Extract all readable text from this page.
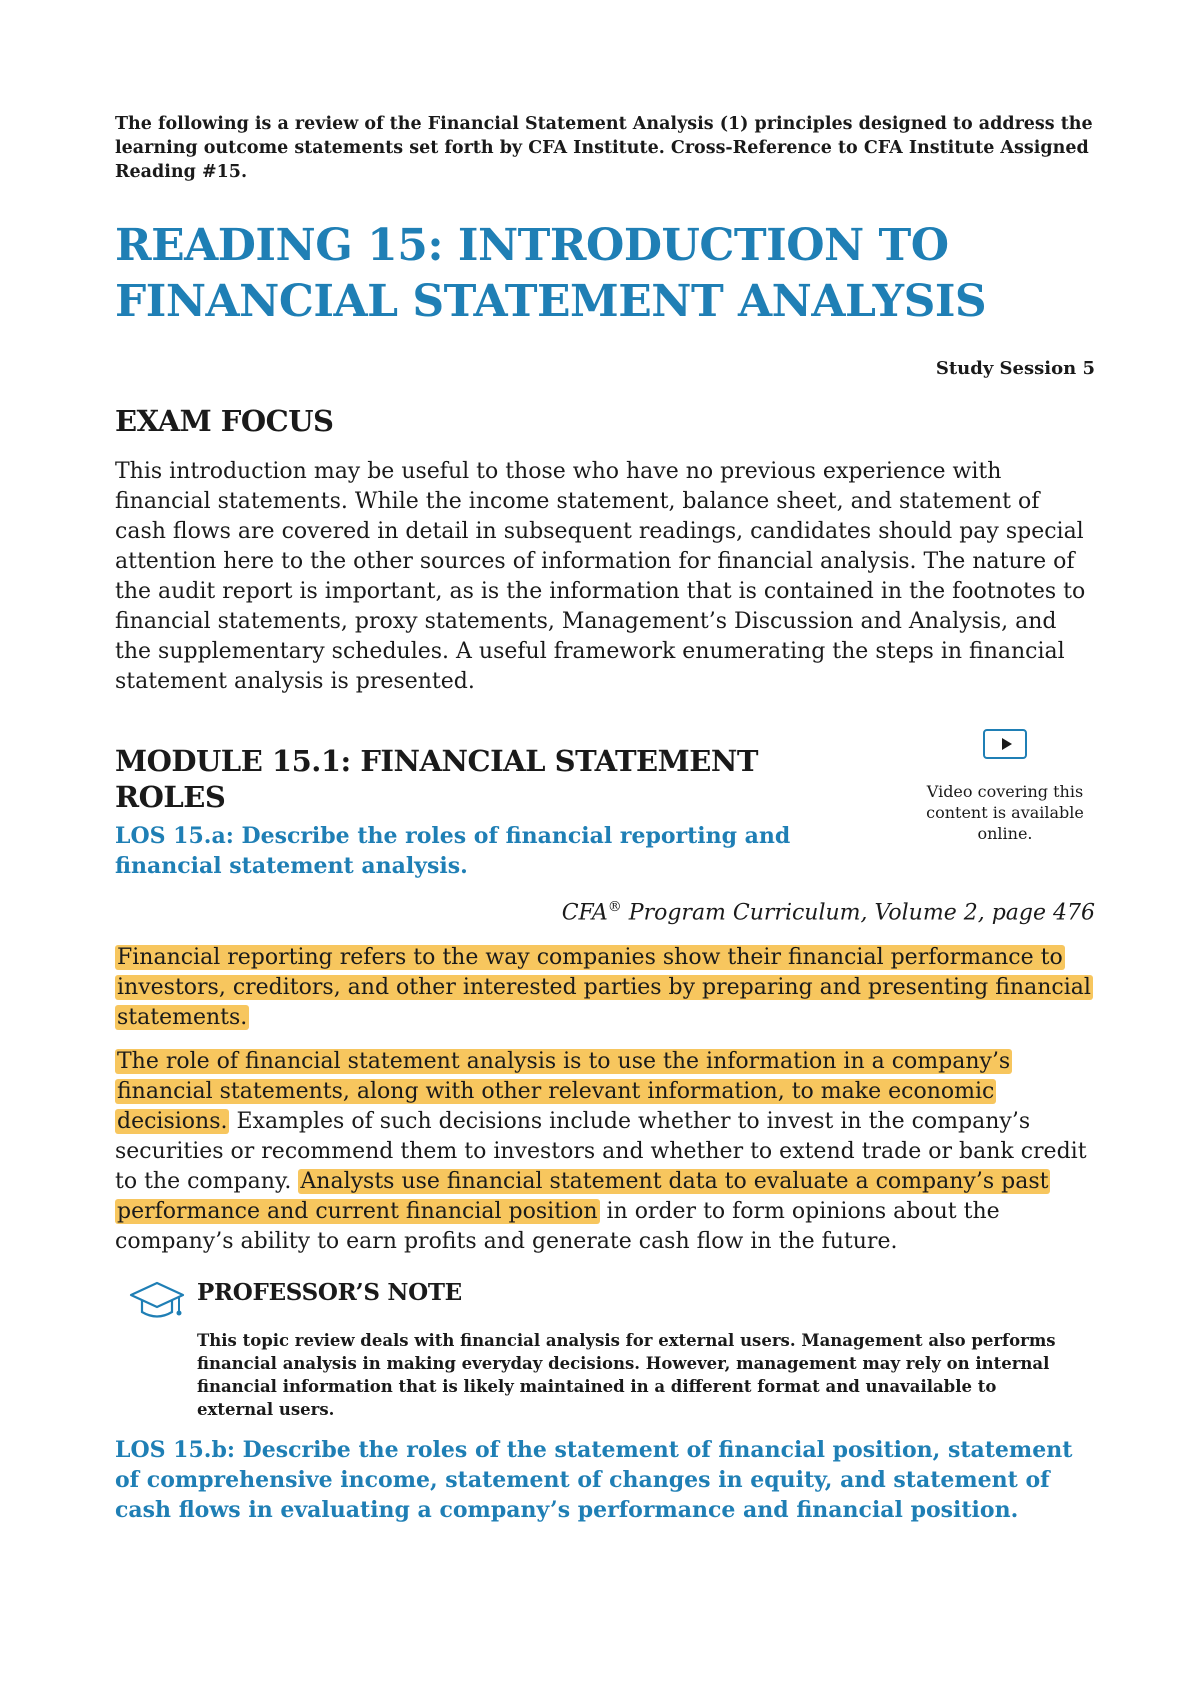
The following is a review of the Financial Statement Analysis (1) principles designed to address the learning outcome statements set forth by CFA Institute. Cross-Reference to CFA Institute Assigned Reading #15.

READING 15: INTRODUCTION TO
FINANCIAL STATEMENT ANALYSIS

Study Session 5

EXAM FOCUS

This introduction may be useful to those who have no previous experience with financial statements. While the income statement, balance sheet, and statement of cash flows are covered in detail in subsequent readings, candidates should pay special attention here to the other sources of information for financial analysis. The nature of the audit report is important, as is the information that is contained in the footnotes to financial statements, proxy statements, Management’s Discussion and Analysis, and the supplementary schedules. A useful framework enumerating the steps in financial statement analysis is presented.

MODULE 15.1: FINANCIAL STATEMENT ROLES

LOS 15.a: Describe the roles of financial reporting and financial statement analysis.

Video covering this content is available online.

CFA® Program Curriculum, Volume 2, page 476

Financial reporting refers to the way companies show their financial performance to investors, creditors, and other interested parties by preparing and presenting financial statements.

The role of financial statement analysis is to use the information in a company’s financial statements, along with other relevant information, to make economic decisions. Examples of such decisions include whether to invest in the company’s securities or recommend them to investors and whether to extend trade or bank credit to the company. Analysts use financial statement data to evaluate a company’s past performance and current financial position in order to form opinions about the company’s ability to earn profits and generate cash flow in the future.

PROFESSOR’S NOTE
This topic review deals with financial analysis for external users. Management also performs financial analysis in making everyday decisions. However, management may rely on internal financial information that is likely maintained in a different format and unavailable to external users.

LOS 15.b: Describe the roles of the statement of financial position, statement of comprehensive income, statement of changes in equity, and statement of cash flows in evaluating a company’s performance and financial position.
